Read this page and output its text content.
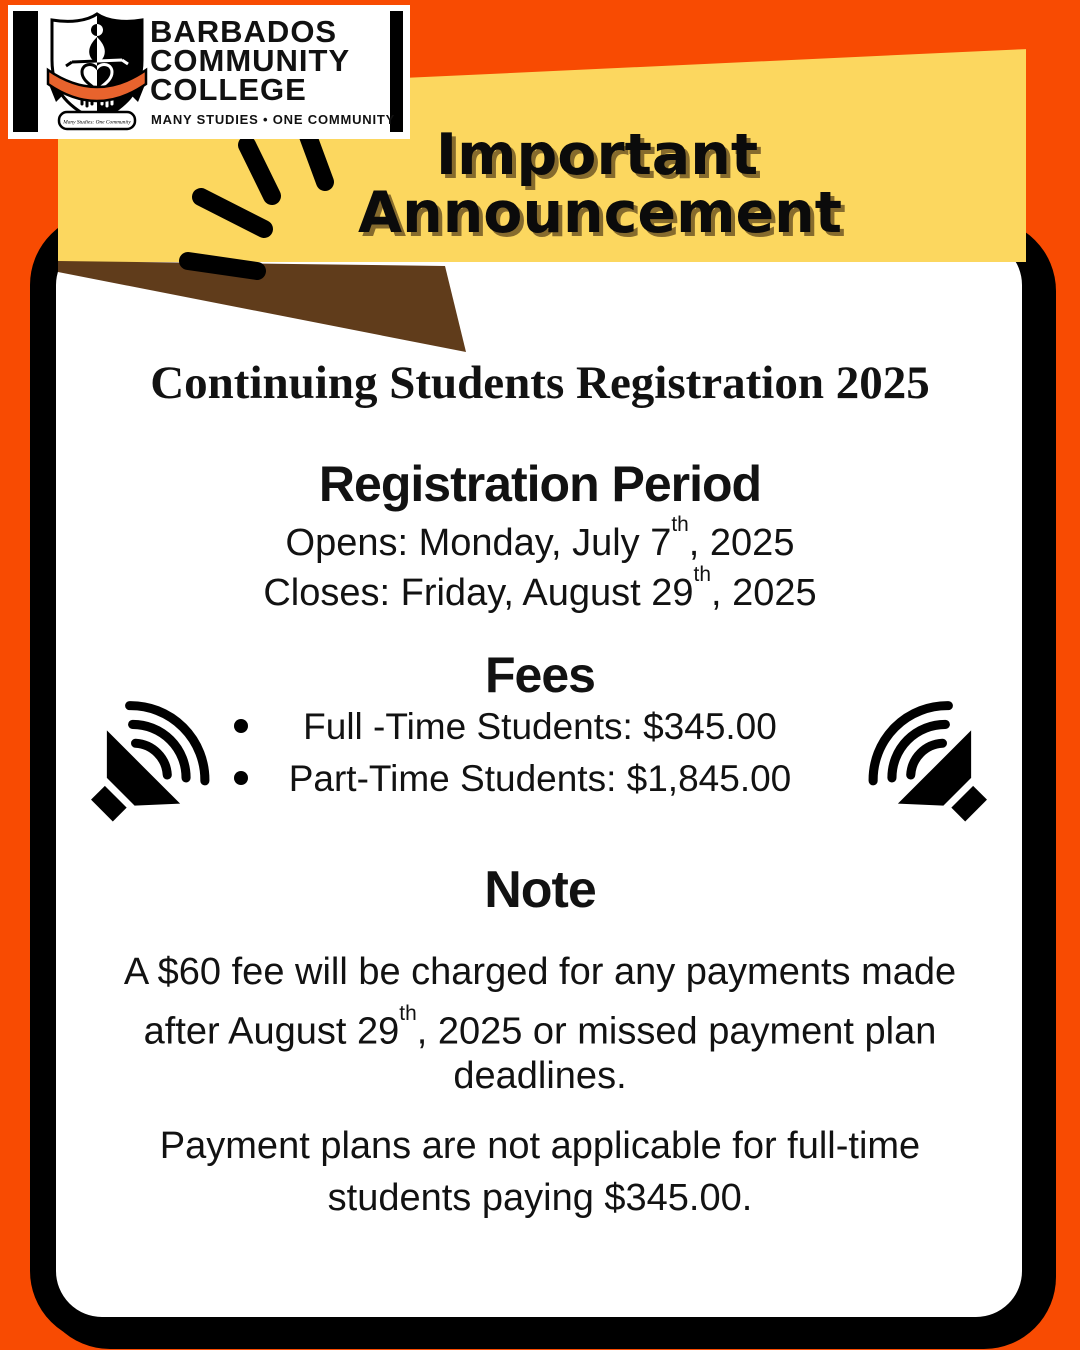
Important
Announcement
Many Studies: One Community
BARBADOS
COMMUNITY
COLLEGE
MANY STUDIES • ONE COMMUNITY
Continuing Students Registration 2025
Registration Period
Opens: Monday, July 7th, 2025
Closes: Friday, August 29th, 2025
Fees
Full -Time Students: $345.00
Part-Time Students: $1,845.00
Note
A $60 fee will be charged for any payments made
after August 29th, 2025 or missed payment plan
deadlines.
Payment plans are not applicable for full-time
students paying $345.00.
